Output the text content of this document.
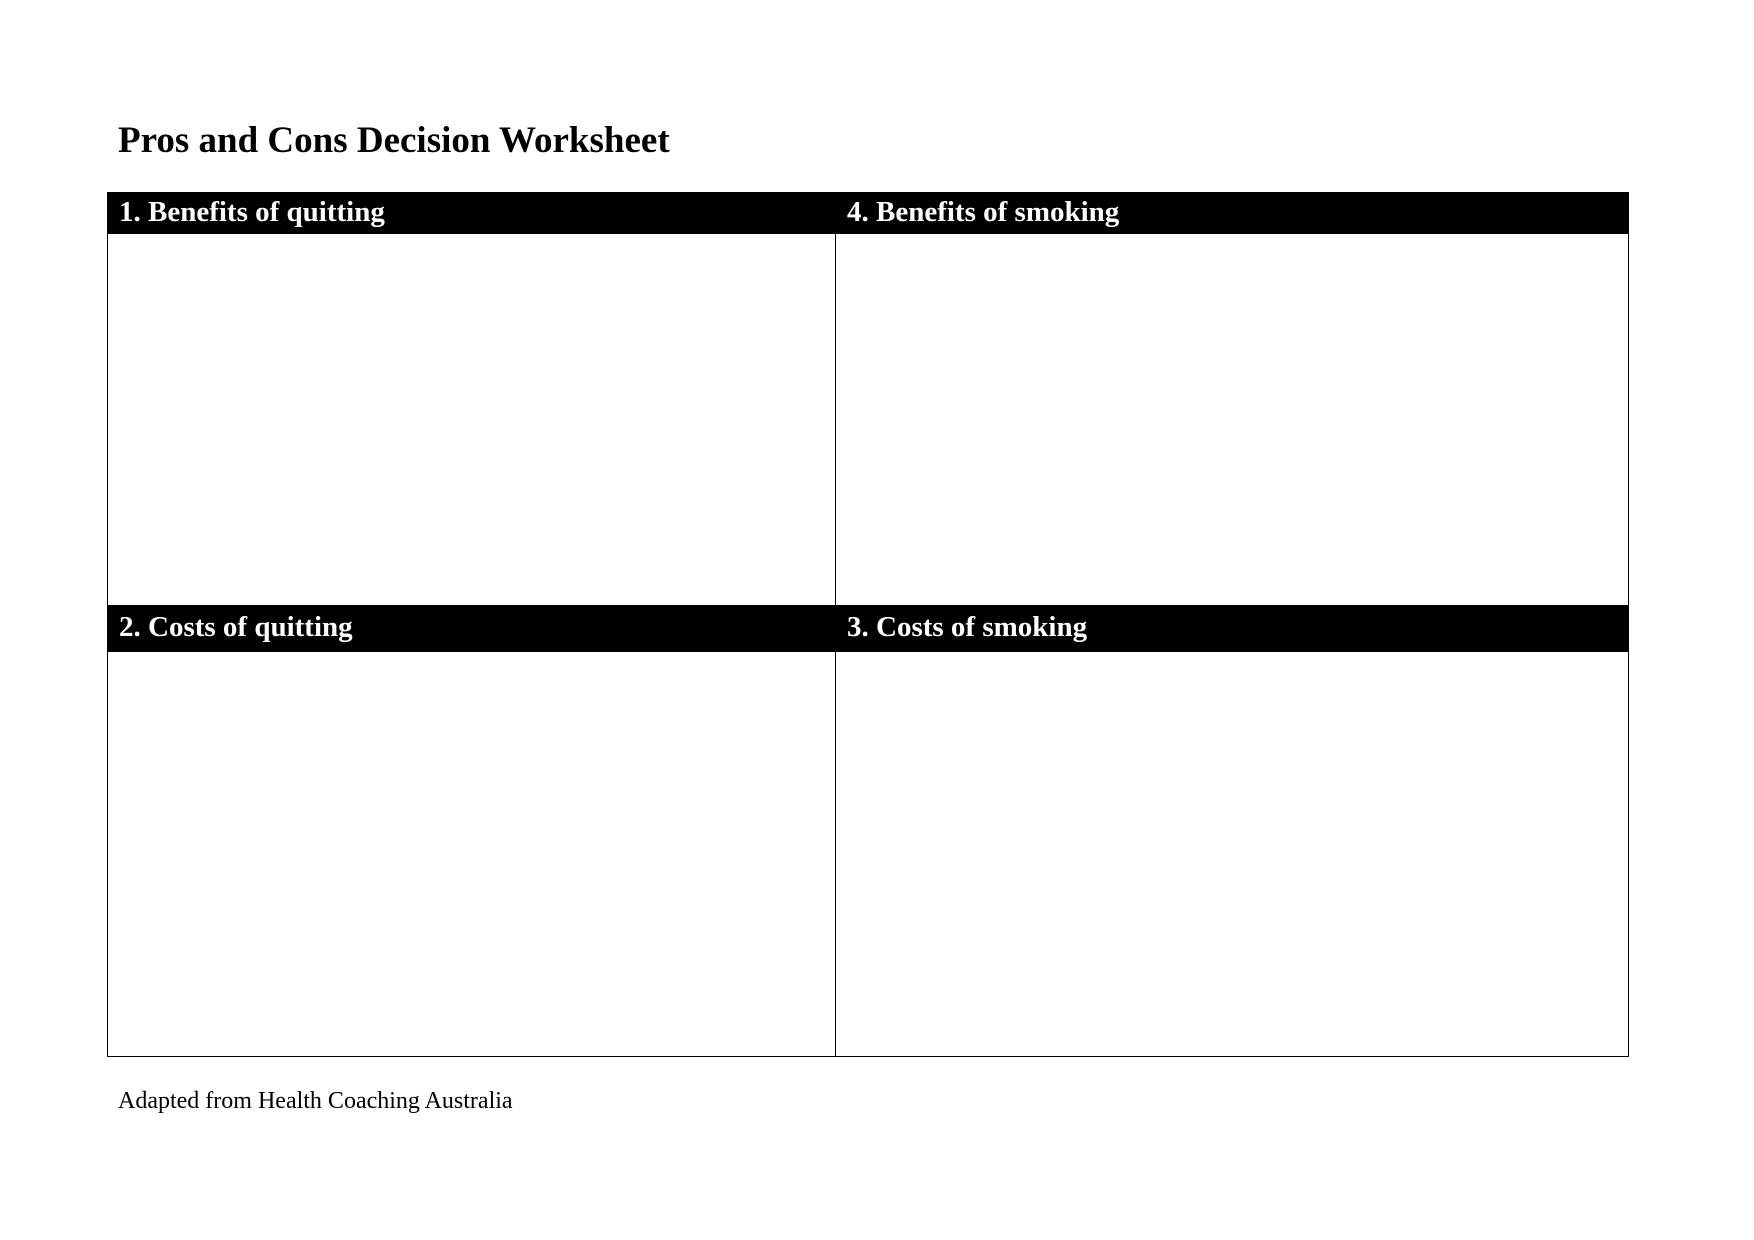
Pros and Cons Decision Worksheet
1. Benefits of quitting	4. Benefits of smoking
2. Costs of quitting	3. Costs of smoking
Adapted from Health Coaching Australia
